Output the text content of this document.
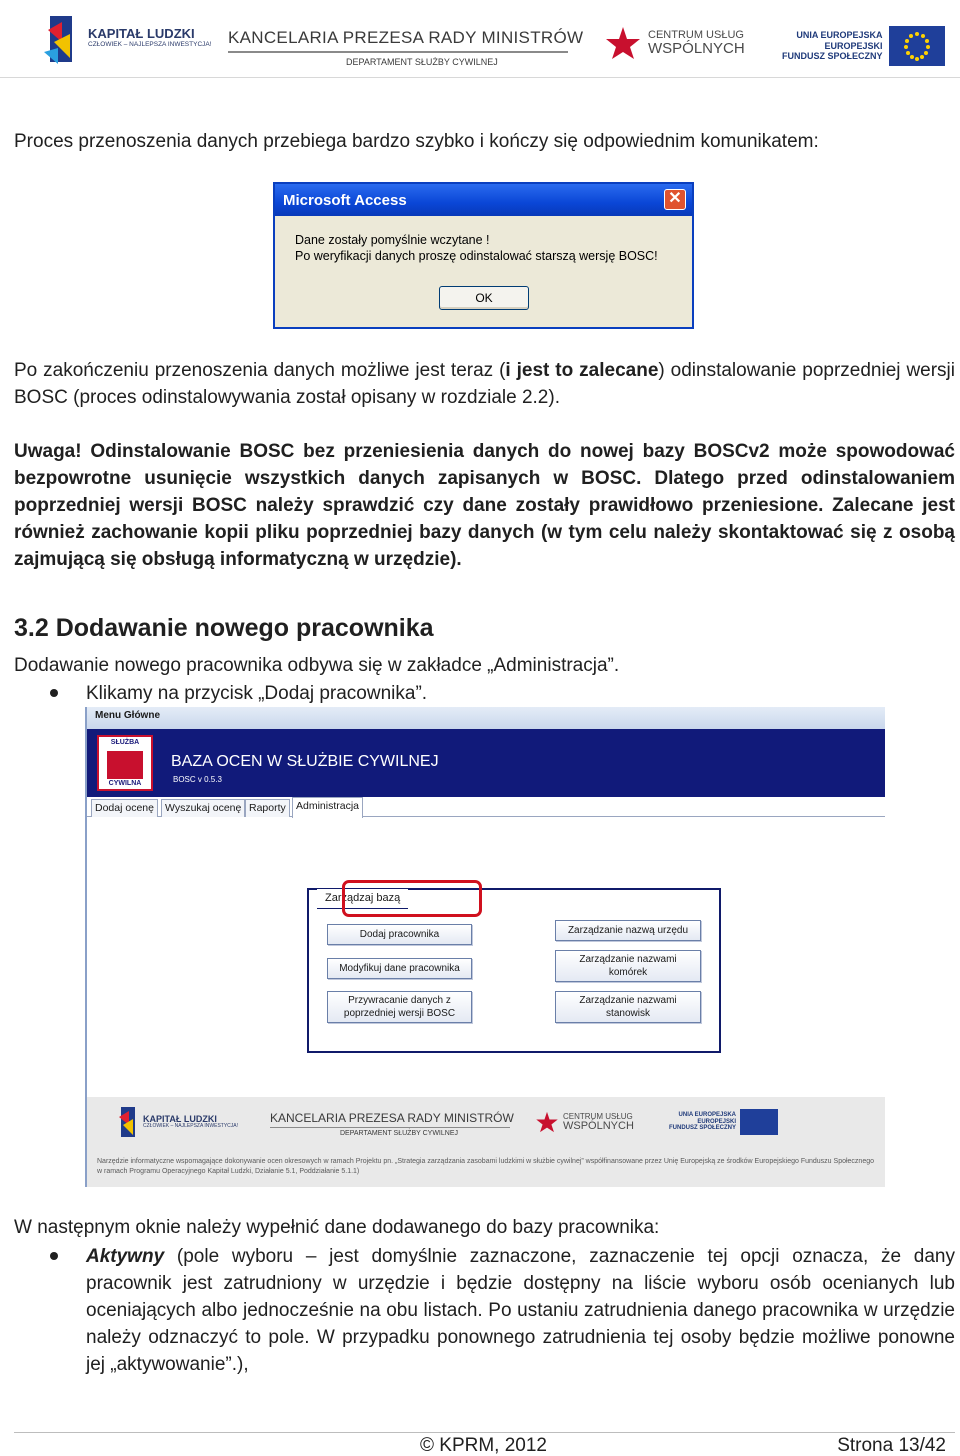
KAPITAŁ LUDZKI
CZŁOWIEK – NAJLEPSZA INWESTYCJA! KANCELARIA PREZESA RADY MINISTRÓW
DEPARTAMENT SŁUŻBY CYWILNEJ
CENTRUM USŁUG
WSPÓLNYCH
UNIA EUROPEJSKA
EUROPEJSKI
FUNDUSZ SPOŁECZNY
Proces przenoszenia danych przebiega bardzo szybko i kończy się odpowiednim komunikatem:
Microsoft Access	✕
Dane zostały pomyślnie wczytane !
Po weryfikacji danych proszę odinstalować starszą wersję BOSC!
OK
Po zakończeniu przenoszenia danych możliwe jest teraz (i jest to zalecane) odinstalowanie poprzedniej wersji BOSC (proces odinstalowywania został opisany w rozdziale 2.2).
Uwaga! Odinstalowanie BOSC bez przeniesienia danych do nowej bazy BOSCv2 może spowodować bezpowrotne usunięcie wszystkich danych zapisanych w BOSC. Dlatego przed odinstalowaniem poprzedniej wersji BOSC należy sprawdzić czy dane zostały prawidłowo przeniesione. Zalecane jest również zachowanie kopii pliku poprzedniej bazy danych (w tym celu należy skontaktować się z osobą zajmującą się obsługą informatyczną w urzędzie).
3.2 Dodawanie nowego pracownika
Dodawanie nowego pracownika odbywa się w zakładce „Administracja”.
Klikamy na przycisk „Dodaj pracownika”.
Menu Główne
SŁUŻBA
CYWILNA
BAZA OCEN W SŁUŻBIE CYWILNEJ
BOSC v 0.5.3
Dodaj ocenę	Wyszukaj ocenę Raporty Administracja
Zarządzaj bazą
Dodaj pracownika
Modyfikuj dane pracownika
Przywracanie danych z
poprzedniej wersji BOSC
Zarządzanie nazwą urzędu
Zarządzanie nazwami
komórek
Zarządzanie nazwami
stanowisk
KAPITAŁ LUDZKI
CZŁOWIEK – NAJLEPSZA INWESTYCJA!
KANCELARIA PREZESA RADY MINISTRÓW
DEPARTAMENT SŁUŻBY CYWILNEJ
CENTRUM USŁUG
WSPÓLNYCH
UNIA EUROPEJSKA
EUROPEJSKI
FUNDUSZ SPOŁECZNY
Narzędzie informatyczne wspomagające dokonywanie ocen okresowych w ramach Projektu pn. „Strategia zarządzania zasobami ludzkimi w służbie cywilnej” współfinansowane przez Unię Europejską ze środków Europejskiego Funduszu Społecznego w ramach Programu Operacyjnego Kapitał Ludzki, Działanie 5.1, Poddziałanie 5.1.1)
W następnym oknie należy wypełnić dane dodawanego do bazy pracownika:
Aktywny (pole wyboru – jest domyślnie zaznaczone, zaznaczenie tej opcji oznacza, że dany pracownik jest zatrudniony w urzędzie i będzie dostępny na liście wyboru osób ocenianych lub oceniających albo jednocześnie na obu listach. Po ustaniu zatrudnienia danego pracownika w urzędzie należy odznaczyć to pole. W przypadku ponownego zatrudnienia tej osoby będzie możliwe ponowne jej „aktywowanie”.),
© KPRM, 2012	Strona 13/42
